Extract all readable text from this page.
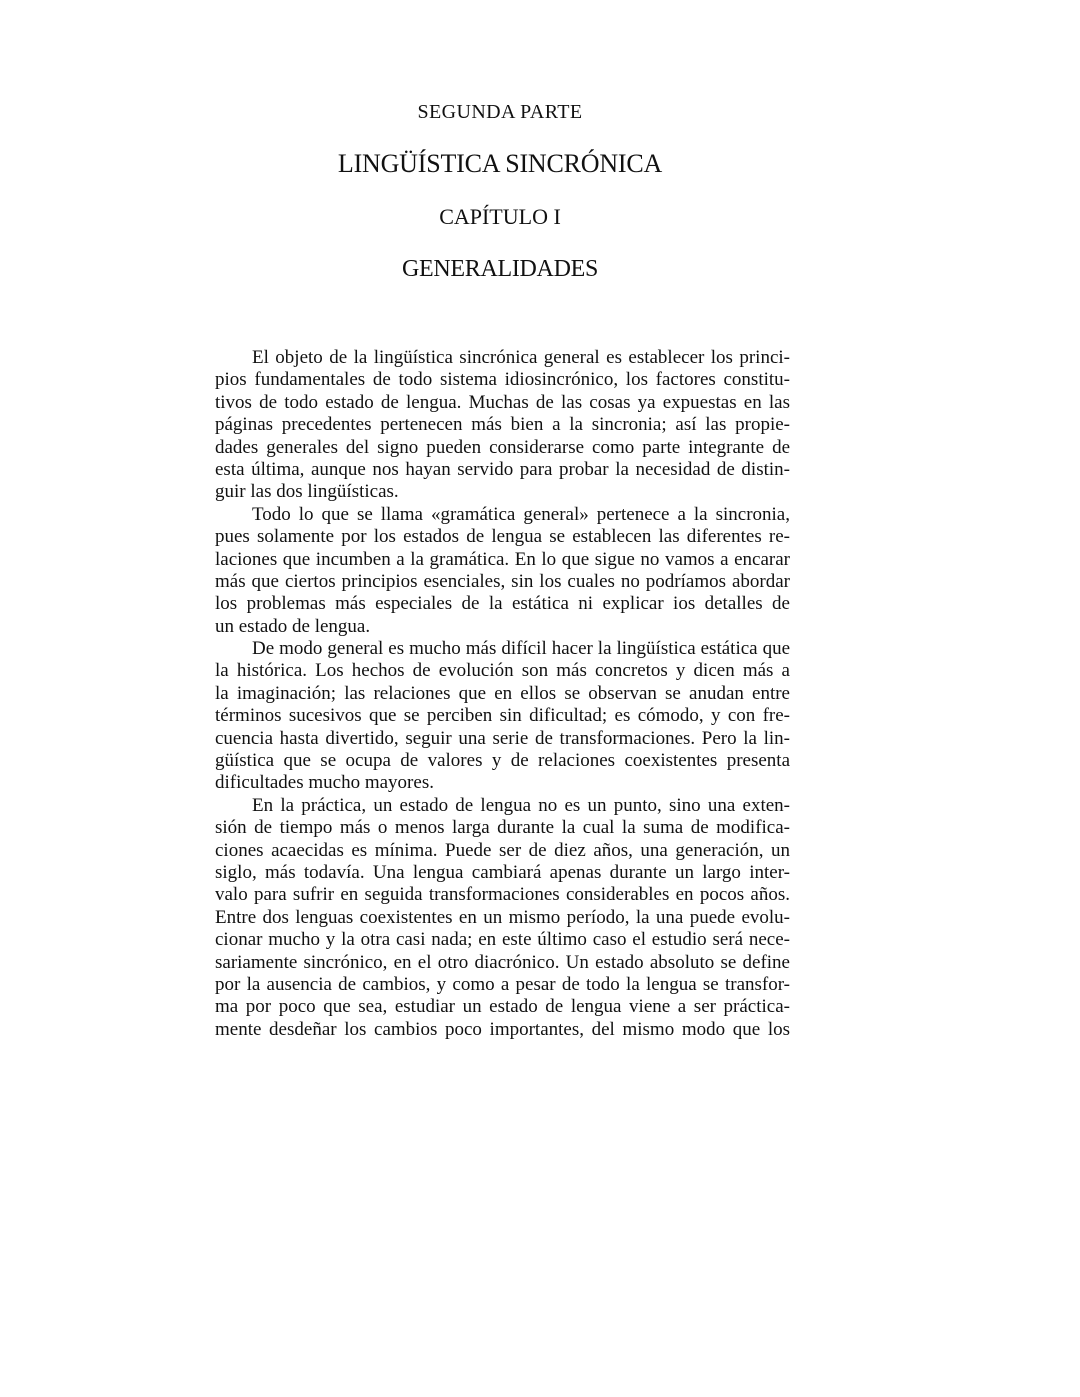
SEGUNDA PARTE
LINGÜÍSTICA SINCRÓNICA
CAPÍTULO I
GENERALIDADES
El objeto de la lingüística sincrónica general es establecer los princi-
pios fundamentales de todo sistema idiosincrónico, los factores constitu-
tivos de todo estado de lengua. Muchas de las cosas ya expuestas en las
páginas precedentes pertenecen más bien a la sincronia; así las propie-
dades generales del signo pueden considerarse como parte integrante de
esta última, aunque nos hayan servido para probar la necesidad de distin-
guir las dos lingüísticas.
Todo lo que se llama «gramática general» pertenece a la sincronia,
pues solamente por los estados de lengua se establecen las diferentes re-
laciones que incumben a la gramática. En lo que sigue no vamos a encarar
más que ciertos principios esenciales, sin los cuales no podríamos abordar
los problemas más especiales de la estática ni explicar ios detalles de
un estado de lengua.
De modo general es mucho más difícil hacer la lingüística estática que
la histórica. Los hechos de evolución son más concretos y dicen más a
la imaginación; las relaciones que en ellos se observan se anudan entre
términos sucesivos que se perciben sin dificultad; es cómodo, y con fre-
cuencia hasta divertido, seguir una serie de transformaciones. Pero la lin-
güística que se ocupa de valores y de relaciones coexistentes presenta
dificultades mucho mayores.
En la práctica, un estado de lengua no es un punto, sino una exten-
sión de tiempo más o menos larga durante la cual la suma de modifica-
ciones acaecidas es mínima. Puede ser de diez años, una generación, un
siglo, más todavía. Una lengua cambiará apenas durante un largo inter-
valo para sufrir en seguida transformaciones considerables en pocos años.
Entre dos lenguas coexistentes en un mismo período, la una puede evolu-
cionar mucho y la otra casi nada; en este último caso el estudio será nece-
sariamente sincrónico, en el otro diacrónico. Un estado absoluto se define
por la ausencia de cambios, y como a pesar de todo la lengua se transfor-
ma por poco que sea, estudiar un estado de lengua viene a ser práctica-
mente desdeñar los cambios poco importantes, del mismo modo que los
